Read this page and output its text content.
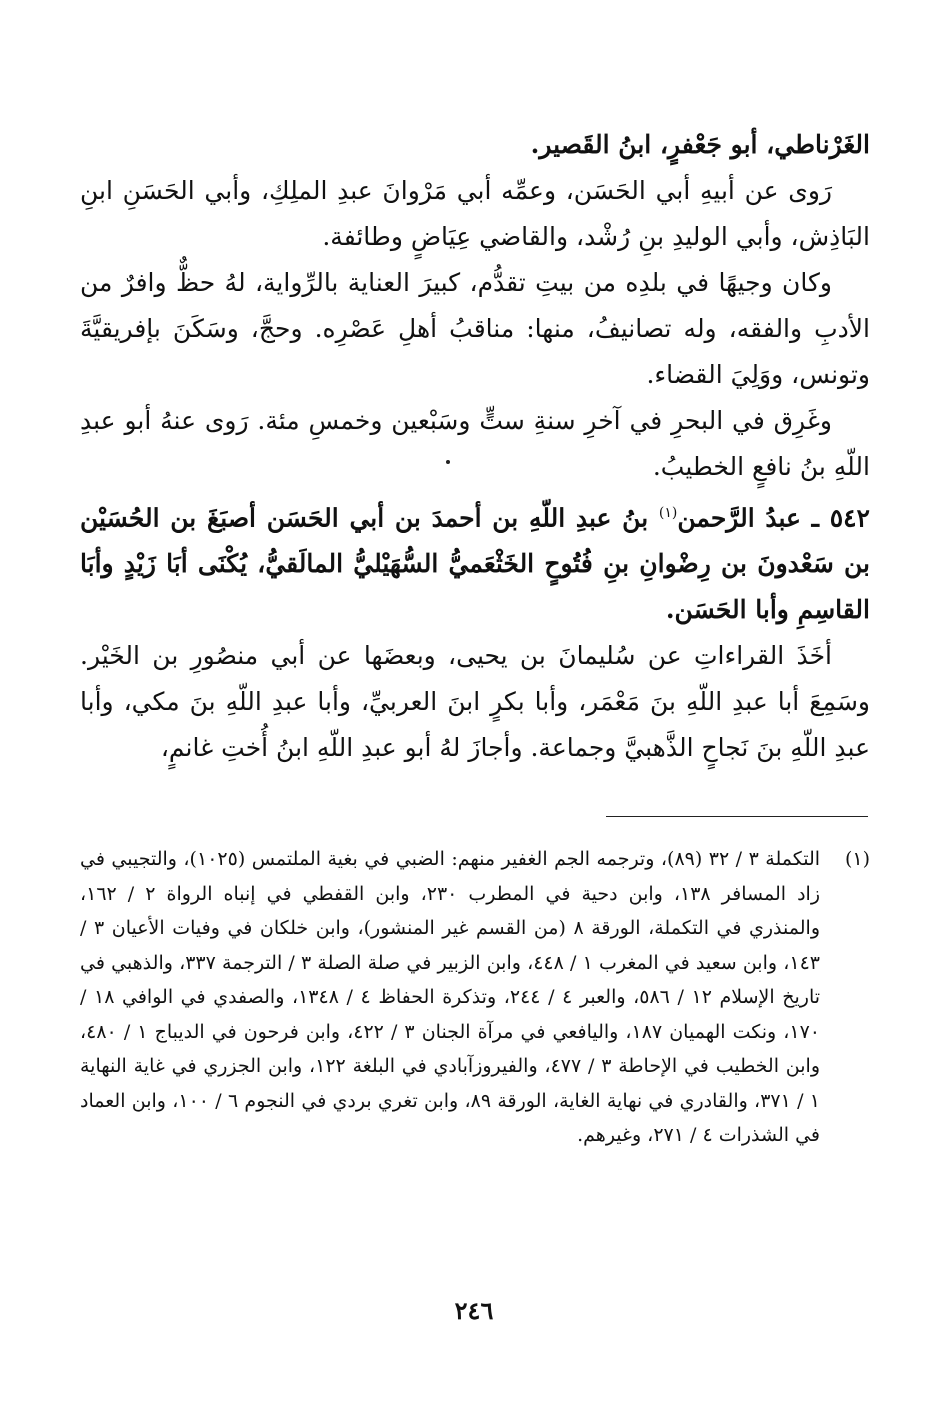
الغَرْناطي، أبو جَعْفرٍ، ابنُ القَصير.

رَوى عن أبيهِ أبي الحَسَن، وعمِّه أبي مَرْوانَ عبدِ الملِكِ، وأبي الحَسَنِ ابنِ البَاذِش، وأبي الوليدِ بنِ رُشْد، والقاضي عِيَاضٍ وطائفة.

وكان وجيهًا في بلدِه من بيتِ تقدُّم، كبيرَ العناية بالرِّواية، لهُ حظٌّ وافرٌ من الأدبِ والفقه، وله تصانيفُ، منها: مناقبُ أهلِ عَصْرِه. وحجَّ، وسَكَنَ بإفريقيَّةَ وتونس، ووَلِيَ القضاء.

وغَرِق في البحرِ في آخرِ سنةِ ستٍّ وسَبْعين وخمسِ مئة. رَوى عنهُ أبو عبدِ اللّهِ بنُ نافعٍ الخطيبُ.

٥٤٢ ـ عبدُ الرَّحمن$^{(١)}$ بنُ عبدِ اللّهِ بن أحمدَ بن أبي الحَسَن أصبَغَ بن الحُسَيْن بن سَعْدونَ بن رِضْوانِ بنِ فُتُوحٍ الخَثْعَميُّ السُّهَيْليُّ المالَقيُّ، يُكْنَى أبَا زَيْدٍ وأبَا القاسِمِ وأبا الحَسَن.

أخَذَ القراءاتِ عن سُليمانَ بن يحيى، وبعضَها عن أبي منصُورِ بن الخَيْر. وسَمِعَ أبا عبدِ اللّهِ بنَ مَعْمَر، وأبا بكرٍ ابنَ العربيِّ، وأبا عبدِ اللّهِ بنَ مكي، وأبا عبدِ اللّهِ بنَ نَجاحٍ الذَّهبيَّ وجماعة. وأجازَ لهُ أبو عبدِ اللّهِ ابنُ أُختِ غانمٍ،

(١)
التكملة ٣ / ٣٢ (٨٩)، وترجمه الجم الغفير منهم: الضبي في بغية الملتمس (١٠٢٥)، والتجيبي في زاد المسافر ١٣٨، وابن دحية في المطرب ٢٣٠، وابن القفطي في إنباه الرواة ٢ / ١٦٢، والمنذري في التكملة، الورقة ٨ (من القسم غير المنشور)، وابن خلكان في وفيات الأعيان ٣ / ١٤٣، وابن سعيد في المغرب ١ / ٤٤٨، وابن الزبير في صلة الصلة ٣ / الترجمة ٣٣٧، والذهبي في تاريخ الإسلام ١٢ / ٥٨٦، والعبر ٤ / ٢٤٤، وتذكرة الحفاظ ٤ / ١٣٤٨، والصفدي في الوافي ١٨ / ١٧٠، ونكت الهميان ١٨٧، واليافعي في مرآة الجنان ٣ / ٤٢٢، وابن فرحون في الديباج ١ / ٤٨٠، وابن الخطيب في الإحاطة ٣ / ٤٧٧، والفيروزآبادي في البلغة ١٢٢، وابن الجزري في غاية النهاية ١ / ٣٧١، والقادري في نهاية الغاية، الورقة ٨٩، وابن تغري بردي في النجوم ٦ / ١٠٠، وابن العماد في الشذرات ٤ / ٢٧١، وغيرهم.
٢٤٦
